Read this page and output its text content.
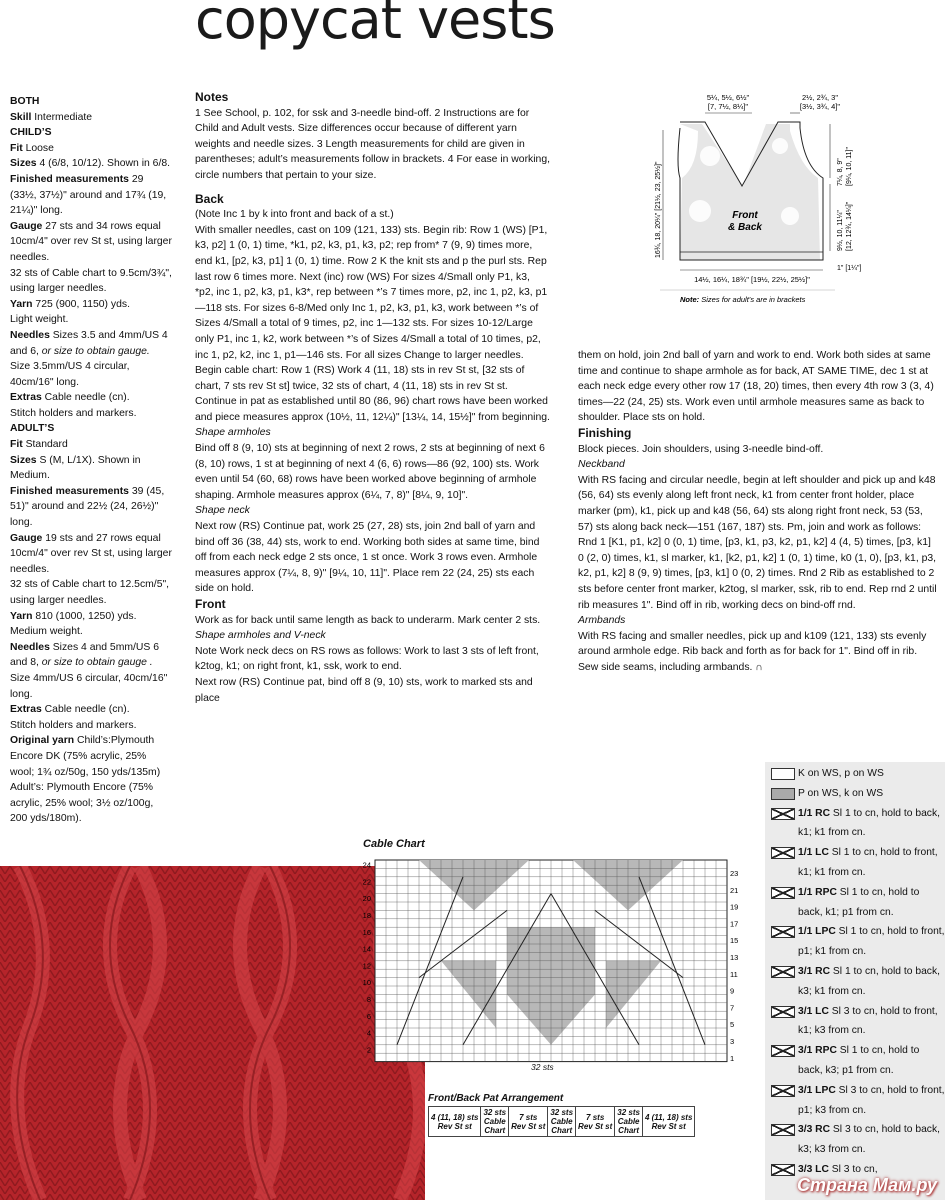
copycat vests

BOTH

Skill Intermediate

CHILD’S

Fit Loose

Sizes 4 (6/8, 10/12). Shown in 6/8.

Finished measurements 29 (33½, 37½)" around and 17¾ (19, 21¼)" long.

Gauge 27 sts and 34 rows equal 10cm/4" over rev St st, using larger needles.

32 sts of Cable chart to 9.5cm/3¾", using larger needles.

Yarn 725 (900, 1150) yds.

Light weight.

Needles Sizes 3.5 and 4mm/US 4 and 6, or size to obtain gauge.

Size 3.5mm/US 4 circular, 40cm/16" long.

Extras Cable needle (cn).

Stitch holders and markers.

ADULT’S

Fit Standard

Sizes S (M, L/1X). Shown in Medium.

Finished measurements 39 (45, 51)" around and 22½ (24, 26½)" long.

Gauge 19 sts and 27 rows equal 10cm/4" over rev St st, using larger needles.

32 sts of Cable chart to 12.5cm/5", using larger needles.

Yarn 810 (1000, 1250) yds.

Medium weight.

Needles Sizes 4 and 5mm/US 6 and 8, or size to obtain gauge .

Size 4mm/US 6 circular, 40cm/16" long.

Extras Cable needle (cn).

Stitch holders and markers.

Original yarn Child’s:Plymouth Encore DK (75% acrylic, 25% wool; 1¾ oz/50g, 150 yds/135m) Adult’s: Plymouth Encore (75% acrylic, 25% wool; 3½ oz/100g, 200 yds/180m).

Notes

1 See School, p. 102, for ssk and 3-needle bind-off. 2 Instructions are for Child and Adult vests. Size differences occur because of different yarn weights and needle sizes. 3 Length measurements for child are given in parentheses; adult’s measurements follow in brackets. 4 For ease in working, circle numbers that pertain to your size.

Back

(Note Inc 1 by k into front and back of a st.)

With smaller needles, cast on 109 (121, 133) sts. Begin rib: Row 1 (WS) [P1, k3, p2] 1 (0, 1) time, *k1, p2, k3, p1, k3, p2; rep from* 7 (9, 9) times more, end k1, [p2, k3, p1] 1 (0, 1) time. Row 2 K the knit sts and p the purl sts. Rep last row 6 times more. Next (inc) row (WS) For sizes 4/Small only P1, k3, *p2, inc 1, p2, k3, p1, k3*, rep between *’s 7 times more, p2, inc 1, p2, k3, p1—118 sts. For sizes 6-8/Med only Inc 1, p2, k3, p1, k3, work between *’s of Sizes 4/Small a total of 9 times, p2, inc 1—132 sts. For sizes 10-12/Large only P1, inc 1, k2, work between *’s of Sizes 4/Small a total of 10 times, p2, inc 1, p2, k2, inc 1, p1—146 sts. For all sizes Change to larger needles. Begin cable chart: Row 1 (RS) Work 4 (11, 18) sts in rev St st, [32 sts of chart, 7 sts rev St st] twice, 32 sts of chart, 4 (11, 18) sts in rev St st. Continue in pat as established until 80 (86, 96) chart rows have been worked and piece measures approx (10½, 11, 12¼)" [13¼, 14, 15½]" from beginning.

Shape armholes

Bind off 8 (9, 10) sts at beginning of next 2 rows, 2 sts at beginning of next 6 (8, 10) rows, 1 st at beginning of next 4 (6, 6) rows—86 (92, 100) sts. Work even until 54 (60, 68) rows have been worked above beginning of armhole shaping. Armhole measures approx (6¼, 7, 8)" [8¼, 9, 10]".

Shape neck

Next row (RS) Continue pat, work 25 (27, 28) sts, join 2nd ball of yarn and bind off 36 (38, 44) sts, work to end. Working both sides at same time, bind off from each neck edge 2 sts once, 1 st once. Work 3 rows even. Armhole measures approx (7¼, 8, 9)" [9¼, 10, 11]". Place rem 22 (24, 25) sts each side on hold.

Front

Work as for back until same length as back to underarm. Mark center 2 sts.

Shape armholes and V-neck

Note Work neck decs on RS rows as follows: Work to last 3 sts of left front, k2tog, k1; on right front, k1, ssk, work to end.

Next row (RS) Continue pat, bind off 8 (9, 10) sts, work to marked sts and place

5¼, 5½, 6½"
[7, 7½, 8¼]"
2½, 2¾, 3"
[3½, 3¾, 4]"
Front
& Back
16¾, 18, 20¼" [21½, 23, 25½]"	7¼, 8, 9" [9¼, 10, 11]"
9½, 10, 11¼" [12, 12¾, 14¼]"
1" [1¼"]
14½, 16¼, 18¾" [19½, 22½, 25½]"
Note: Sizes for adult’s are in brackets

them on hold, join 2nd ball of yarn and work to end. Work both sides at same time and continue to shape armhole as for back, AT SAME TIME, dec 1 st at each neck edge every other row 17 (18, 20) times, then every 4th row 3 (3, 4) times—22 (24, 25) sts. Work even until armhole measures same as back to shoulder. Place sts on hold.

Finishing

Block pieces. Join shoulders, using 3-needle bind-off.

Neckband

With RS facing and circular needle, begin at left shoulder and pick up and k48 (56, 64) sts evenly along left front neck, k1 from center front holder, place marker (pm), k1, pick up and k48 (56, 64) sts along right front neck, 53 (53, 57) sts along back neck—151 (167, 187) sts. Pm, join and work as follows: Rnd 1 [K1, p1, k2] 0 (0, 1) time, [p3, k1, p3, k2, p1, k2] 4 (4, 5) times, [p3, k1] 0 (2, 0) times, k1, sl marker, k1, [k2, p1, k2] 1 (0, 1) time, k0 (1, 0), [p3, k1, p3, k2, p1, k2] 8 (9, 9) times, [p3, k1] 0 (0, 2) times. Rnd 2 Rib as established to 2 sts before center front marker, k2tog, sl marker, ssk, rib to end. Rep rnd 2 until rib measures 1". Bind off in rib, working decs on bind-off rnd.

Armbands

With RS facing and smaller needles, pick up and k109 (121, 133) sts evenly around armhole edge. Rib back and forth as for back for 1". Bind off in rib. Sew side seams, including armbands. ∩

Cable Chart
24
22
20
18
16
14
12
10
8
6
4
2
23
21
19
17
15
13
11
9
7
5
3
1
32 sts
Front/Back Pat Arrangement
4 (11, 18) sts
Rev St st	32 sts
Cable
Chart	7 sts
Rev St st	32 sts
Cable
Chart	7 sts
Rev St st	32 sts
Cable
Chart	4 (11, 18) sts
Rev St st
K on WS, p on WS
P on WS, k on WS
1/1 RC Sl 1 to cn, hold to back, k1; k1 from cn.
1/1 LC Sl 1 to cn, hold to front, k1; k1 from cn.
1/1 RPC Sl 1 to cn, hold to back, k1; p1 from cn.
1/1 LPC Sl 1 to cn, hold to front, p1; k1 from cn.
3/1 RC Sl 1 to cn, hold to back, k3; k1 from cn.
3/1 LC Sl 3 to cn, hold to front, k1; k3 from cn.
3/1 RPC Sl 1 to cn, hold to back, k3; p1 from cn.
3/1 LPC Sl 3 to cn, hold to front, p1; k3 from cn.
3/3 RC Sl 3 to cn, hold to back, k3; k3 from cn.
3/3 LC Sl 3 to cn,
Страна Мам.ру
